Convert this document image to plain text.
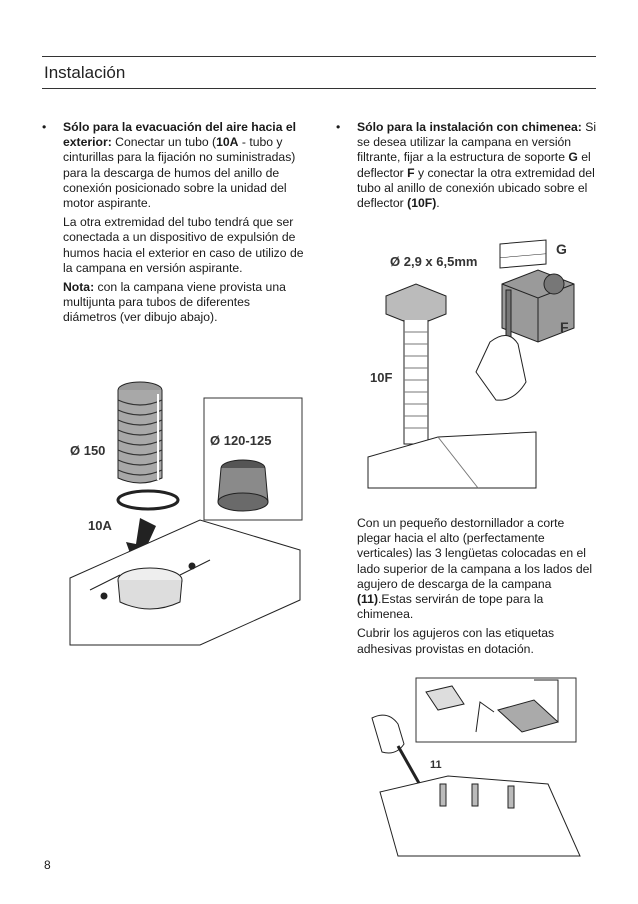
Instalación

• Sólo para la evacuación del aire hacia el exterior: Conectar un tubo (10A - tubo y cinturillas para la fijación no suministradas) para la descarga de humos del anillo de conexión posicionado sobre la unidad del motor aspirante.

La otra extremidad del tubo tendrá que ser conectada a un dispositivo de expulsión de humos hacia el exterior en caso de utilizo de la campana en versión aspirante.

Nota: con la campana viene provista una multijunta para tubos de diferentes diámetros (ver dibujo abajo).

• Sólo para la instalación con chimenea: Si se desea utilizar la campana en versión filtrante, fijar a la estructura de soporte G el deflector F y conectar la otra extremidad del tubo al anillo de conexión ubicado sobre el deflector (10F).

Con un pequeño destornillador a corte plegar hacia el alto (perfectamente verticales) las 3 lengüetas colocadas en el lado superior de la campana a los lados del agujero de descarga de la campana (11).Estas servirán de tope para la chimenea.

Cubrir los agujeros con las etiquetas adhesivas provistas en dotación.

Ø 120-125
Ø 150
10A
G
Ø 2,9 x 6,5mm
F
10F
11
8
